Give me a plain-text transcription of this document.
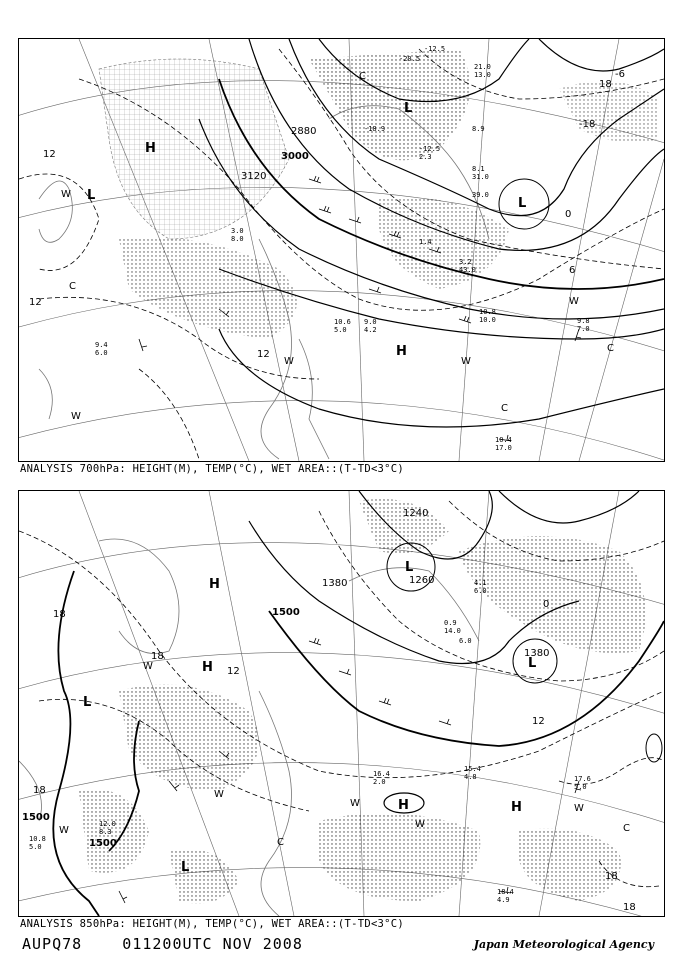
-20.5
-12.5
21.0
13.0
8.9
-18.9
-12.5
2.3
8.1
31.0
1.4
39.0
3.2
43.0
10.8
10.0	9.8
7.0
10.4
17.0
9.4
6.0
3.0
8.0
10.6
5.0
9.0
4.2
2880
3000
3120
12
12
12
18
-18
-6
0
6
W
W
W	W
W
C
C
C
C
H
L
L
L
H
ANALYSIS 700hPa: HEIGHT(M), TEMP(°C), WET AREA::(T-TD<3°C)
4.1
6.0
0.9
14.0
6.0
17.6
5.0
15.4
4.8
16.4
2.0
18.4
4.9
10.8
5.0
12.0
8.3
1260
1380
1500
1500
1500
1380
1240
18
18
18
12
12
0
18
18
W
W
W
W
W
W
C
C
H
H
L
L
L
L
H	H
ANALYSIS 850hPa: HEIGHT(M), TEMP(°C), WET AREA::(T-TD<3°C)
AUPQ78    011200UTC NOV 2008	Japan Meteorological Agency
